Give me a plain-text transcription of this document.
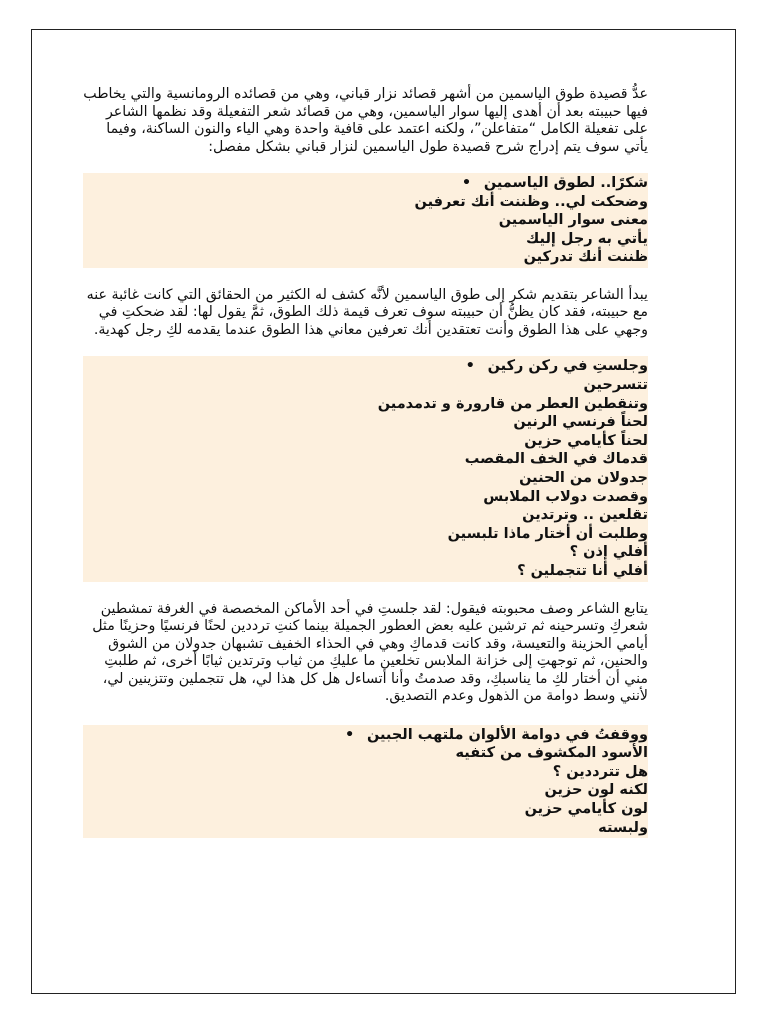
عدُّ قصيدة طوق الياسمين من أشهر قصائد نزار قباني، وهي من قصائده الرومانسية والتي يخاطب فيها حبيبته بعد أن أهدى إليها سوار الياسمين، وهي من قصائد شعر التفعيلة وقد نظمها الشاعر على تفعيلة الكامل “متفاعلن”، ولكنه اعتمد على قافية واحدة وهي الياء والنون الساكنة، وفيما يأتي سوف يتم إدراج شرح قصيدة طول الياسمين لنزار قباني بشكل مفصل:

شكرًا.. لطوق الياسمين•
وضحكت لي.. وظننت أنك تعرفين
معنى سوار الياسمين
يأتي به رجل إليك
ظننت أنك تدركين

يبدأ الشاعر بتقديم شكر إلى طوق الياسمين لأنَّه كشف له الكثير من الحقائق التي كانت غائبة عنه مع حبيبته، فقد كان يظنُّ أن حبيبته سوف تعرف قيمة ذلك الطوق، ثمَّ يقول لها: لقد ضحكتِ في وجهي على هذا الطوق وأنت تعتقدين أنك تعرفين معاني هذا الطوق عندما يقدمه لكِ رجل كهدية.

وجلستِ في ركن ركين•
تتسرحين
وتنقطين العطر من قارورة و تدمدمين
لحناً فرنسي الرنين
لحناً كأيامي حزين
قدماك في الخف المقصب
جدولان من الحنين
وقصدت دولاب الملابس
تقلعين .. وترتدين
وطلبت أن أختار ماذا تلبسين
أفلي إذن ؟
أفلي أنا تتجملين ؟

يتابع الشاعر وصف محبوبته فيقول: لقد جلستِ في أحد الأماكن المخصصة في الغرفة تمشطين شعركِ وتسرحينه ثم ترشين عليه بعض العطور الجميلة بينما كنتِ ترددين لحنًا فرنسيًا وحزينًا مثل أيامي الحزينة والتعيسة، وقد كانت قدماكِ وهي في الحذاء الخفيف تشبهان جدولان من الشوق والحنين، ثم توجهتِ إلى خزانة الملابس تخلعين ما عليكِ من ثياب وترتدين ثيابًا أخرى، ثم طلبتِ مني أن أختار لكِ ما يناسبكِ، وقد صدمتُ وأنا أتساءل هل كل هذا لي، هل تتجملين وتتزينين لي، لأنني وسط دوامة من الذهول وعدم التصديق.

ووقفتُ في دوامة الألوان ملتهب الجبين•
الأسود المكشوف من كتفيه
هل تترددين ؟
لكنه لون حزين
لون كأيامي حزين
ولبسته
